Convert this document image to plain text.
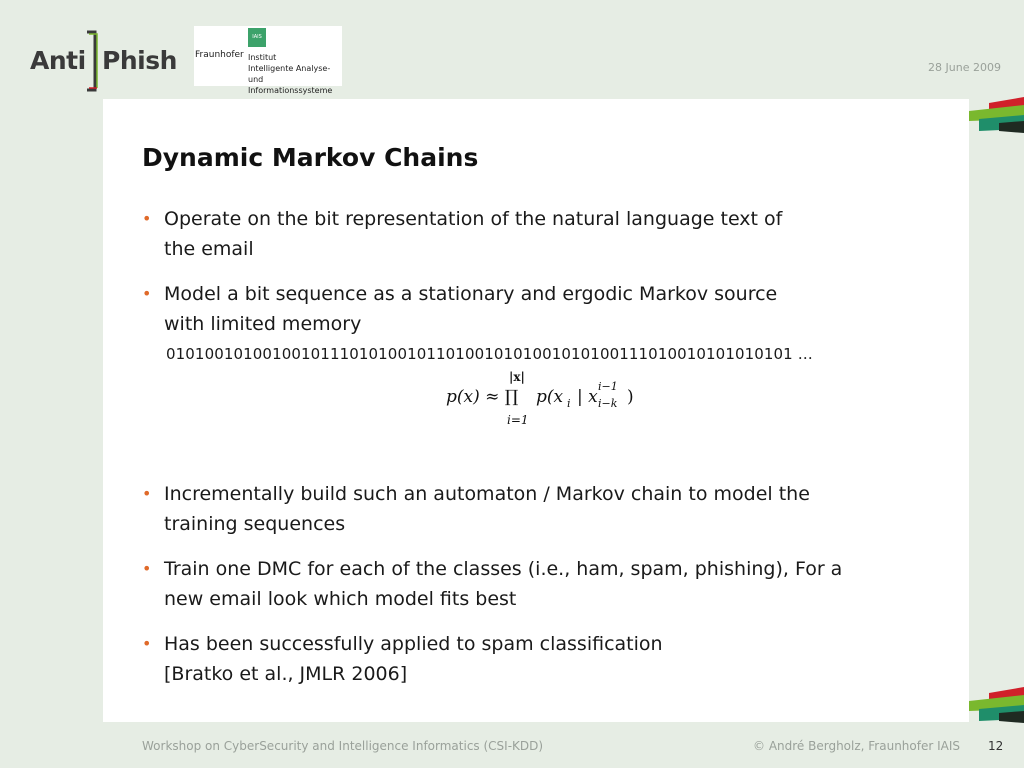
Anti Phish
IAIS
Fraunhofer Institut
Intelligente Analyse- und
Informationssysteme
28 June 2009
Dynamic Markov Chains
• Operate on the bit representation of the natural language text of
the email
• Model a bit sequence as a stationary and ergodic Markov source
with limited memory
01010010100100101110101001011010010101001010100111010010101010101 …
p(x) ≈ ∏
|x|
i=1
p(x i | x
i−1
i−k )
• Incrementally build such an automaton / Markov chain to model the
training sequences
• Train one DMC for each of the classes (i.e., ham, spam, phishing), For a
new email look which model fits best
• Has been successfully applied to spam classification
[Bratko et al., JMLR 2006]
Workshop on CyberSecurity and Intelligence Informatics (CSI-KDD)	© André Bergholz, Fraunhofer IAIS 12
